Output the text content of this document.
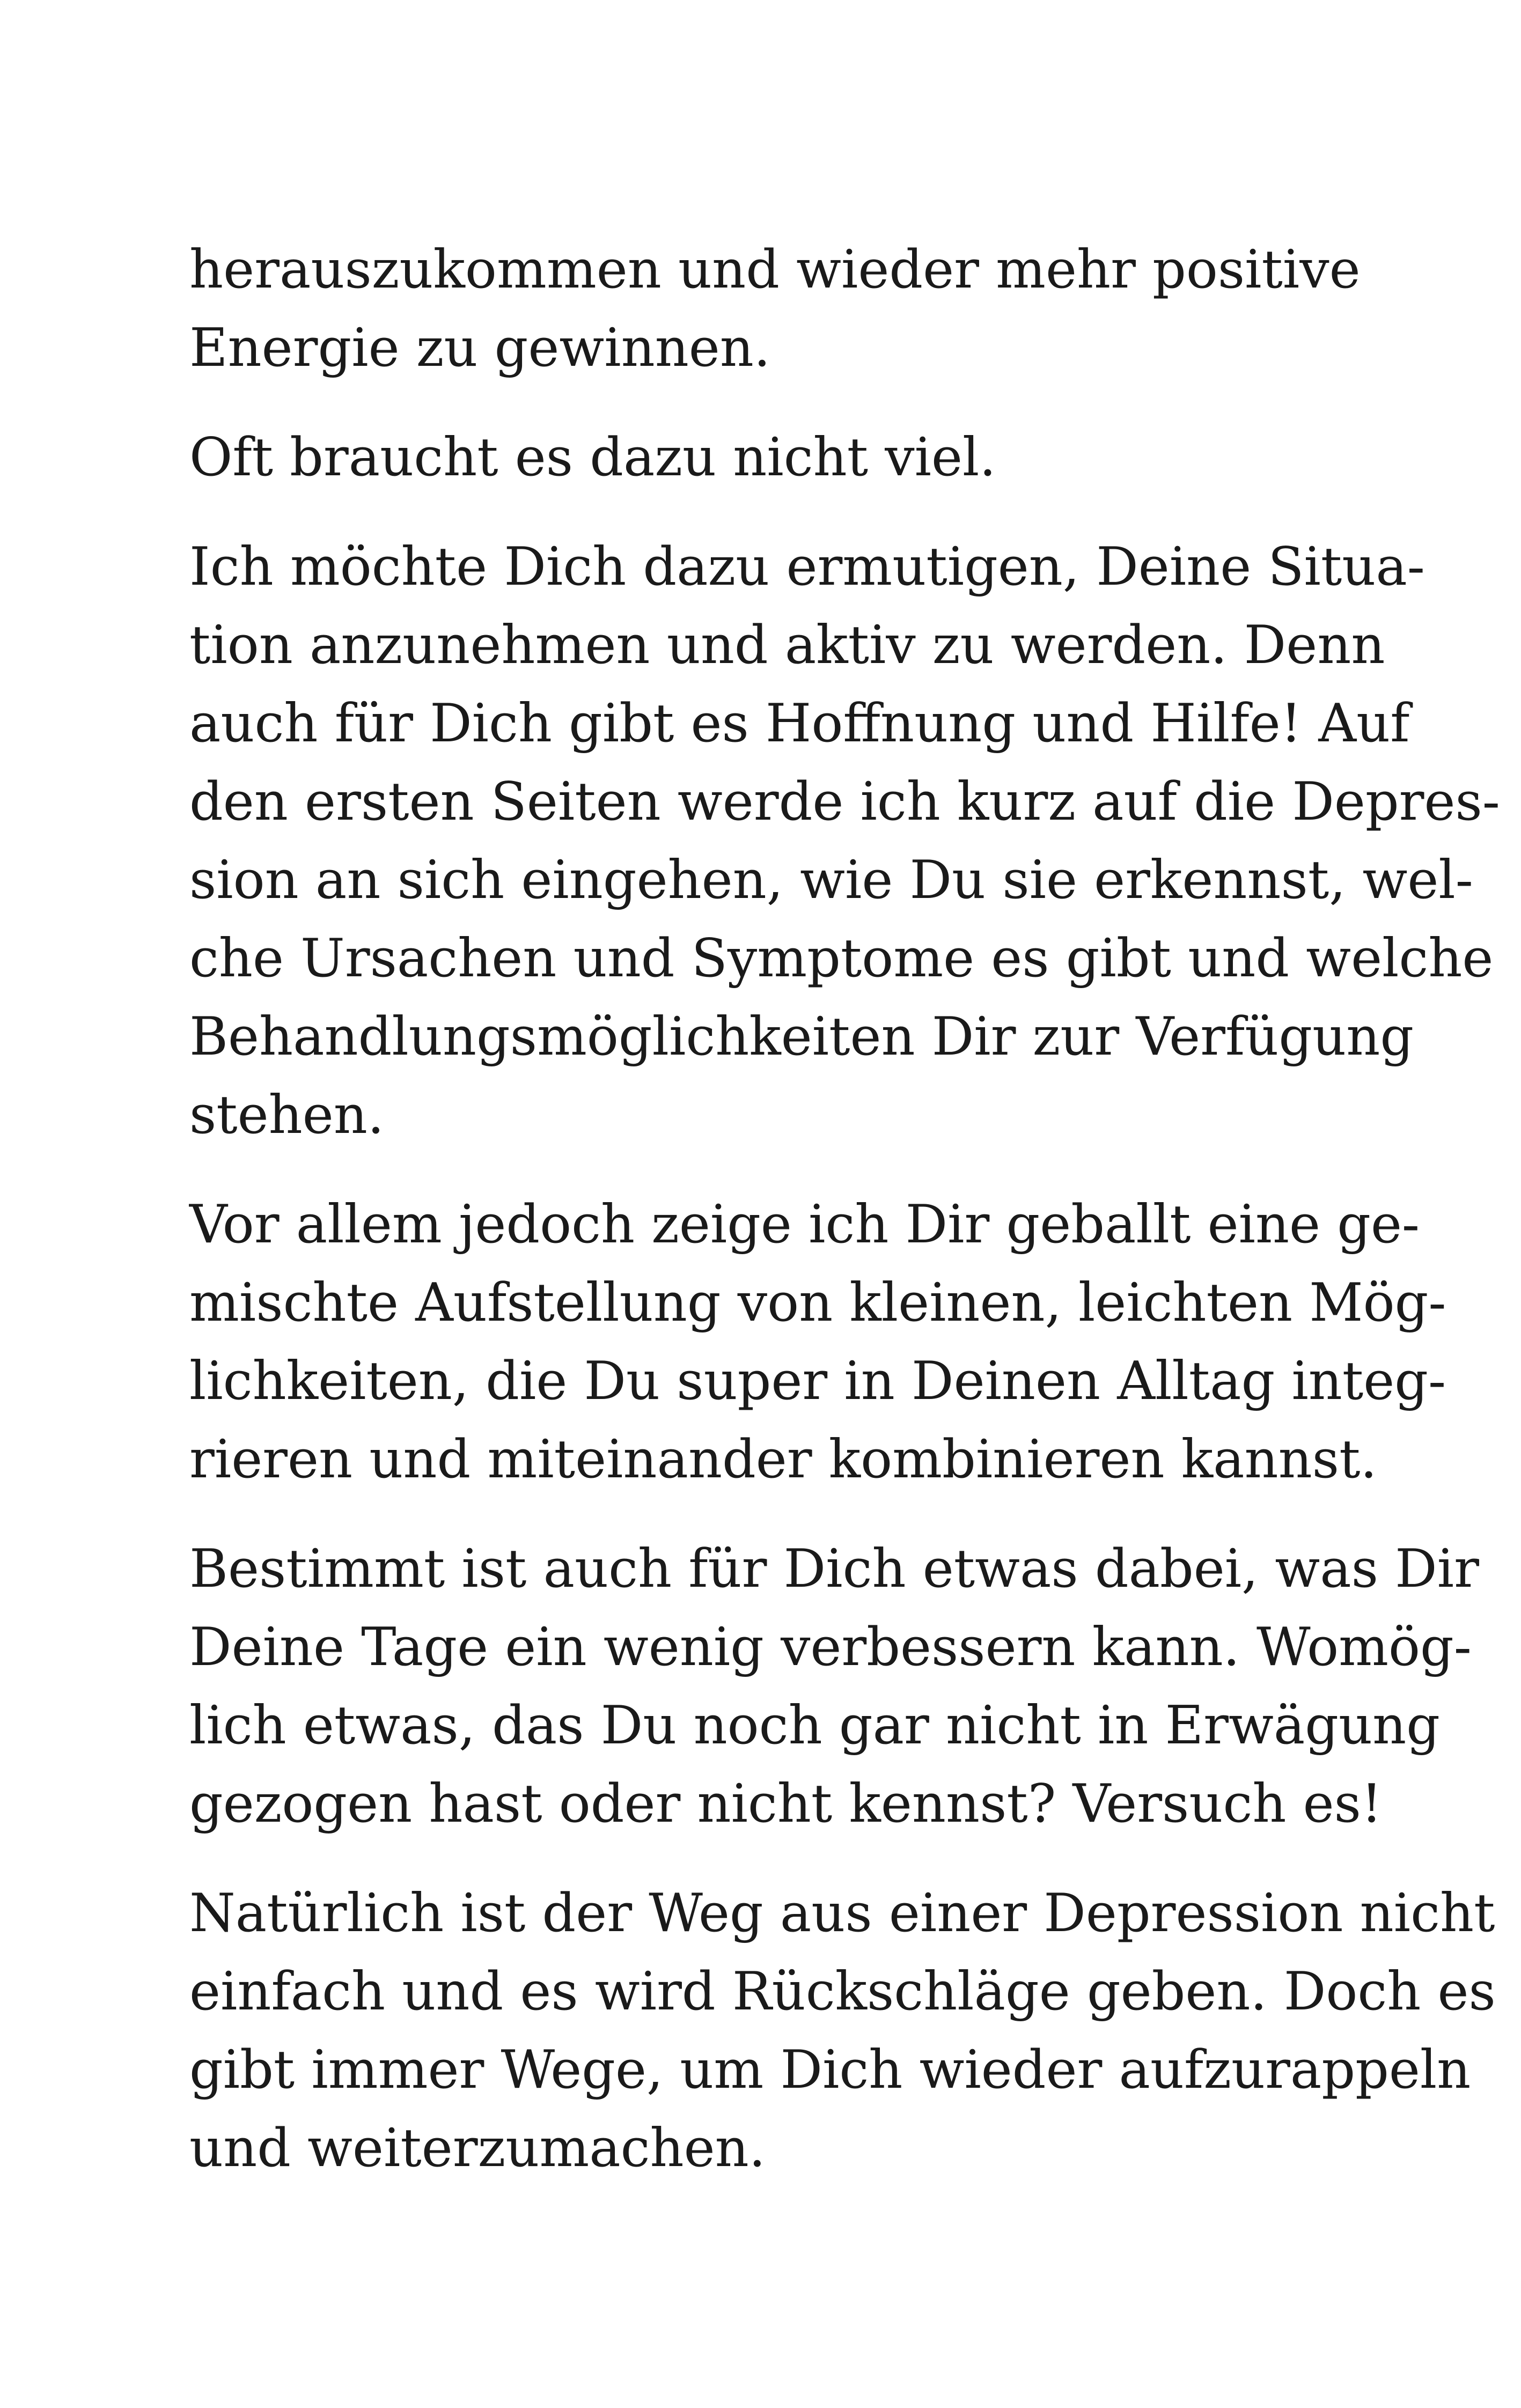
herauszukommen und wieder mehr positive
Energie zu gewinnen.

Oft braucht es dazu nicht viel.

Ich möchte Dich dazu ermutigen, Deine Situa-
tion anzunehmen und aktiv zu werden. Denn
auch für Dich gibt es Hoffnung und Hilfe! Auf
den ersten Seiten werde ich kurz auf die Depres-
sion an sich eingehen, wie Du sie erkennst, wel-
che Ursachen und Symptome es gibt und welche
Behandlungsmöglichkeiten Dir zur Verfügung
stehen.

Vor allem jedoch zeige ich Dir geballt eine ge-
mischte Aufstellung von kleinen, leichten Mög-
lichkeiten, die Du super in Deinen Alltag integ-
rieren und miteinander kombinieren kannst.

Bestimmt ist auch für Dich etwas dabei, was Dir
Deine Tage ein wenig verbessern kann. Womög-
lich etwas, das Du noch gar nicht in Erwägung
gezogen hast oder nicht kennst? Versuch es!

Natürlich ist der Weg aus einer Depression nicht
einfach und es wird Rückschläge geben. Doch es
gibt immer Wege, um Dich wieder aufzurappeln
und weiterzumachen.
